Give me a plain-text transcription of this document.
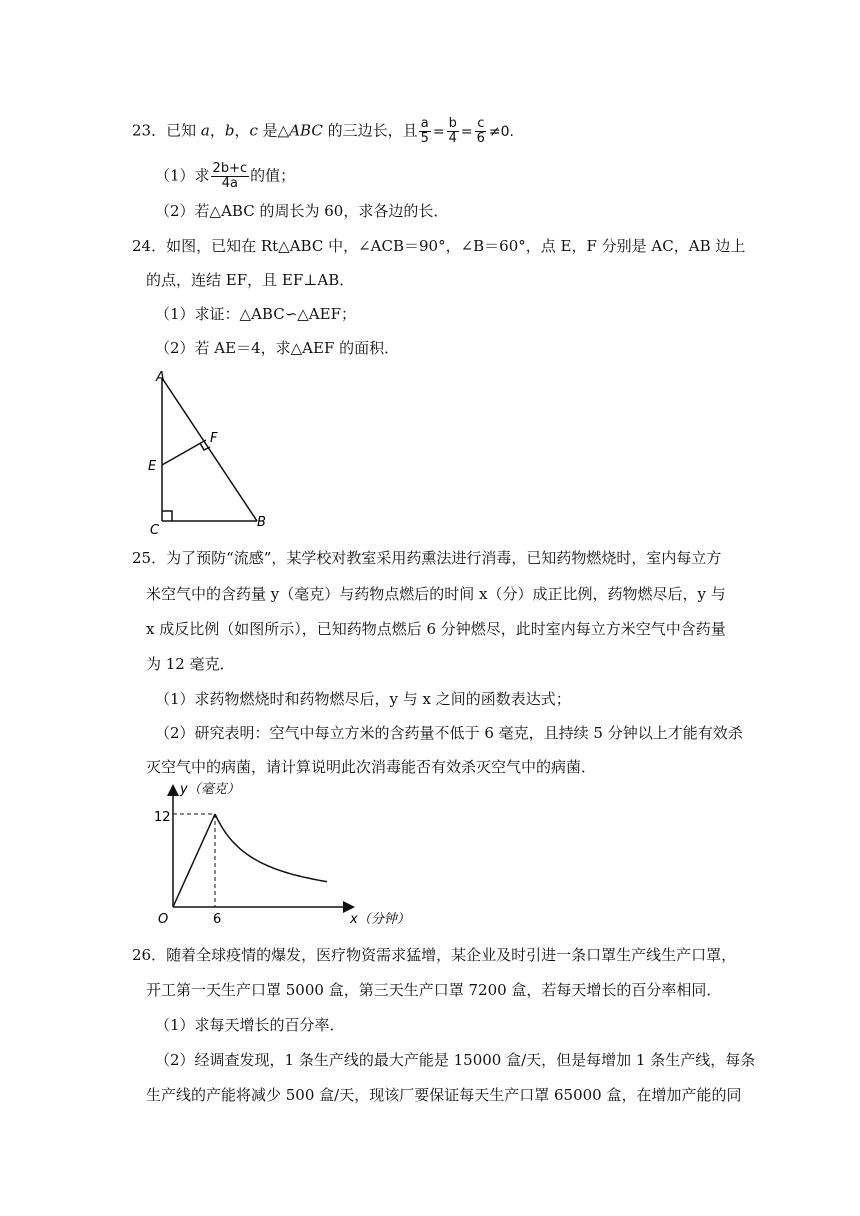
23．已知 a，b，c 是△ABC 的三边长，且 $\frac{a}{5} = \frac{b}{4} = \frac{c}{6} \ne 0$.
（1）求 $\frac{2b+c}{4a}$ 的值；
（2）若△ABC 的周长为 60，求各边的长．
24．如图，已知在 Rt△ABC 中，∠ACB＝90°，∠B＝60°，点 E，F 分别是 AC，AB 边上
的点，连结 EF，且 EF⊥AB．
（1）求证：△ABC∽△AEF；
（2）若 AE＝4，求△AEF 的面积．
A
F
E
C
B
25．为了预防“流感”，某学校对教室采用药熏法进行消毒，已知药物燃烧时，室内每立方
米空气中的含药量 y（毫克）与药物点燃后的时间 x（分）成正比例，药物燃尽后，y 与
x 成反比例（如图所示），已知药物点燃后 6 分钟燃尽，此时室内每立方米空气中含药量
为 12 毫克．
（1）求药物燃烧时和药物燃尽后，y 与 x 之间的函数表达式；
（2）研究表明：空气中每立方米的含药量不低于 6 毫克，且持续 5 分钟以上才能有效杀
灭空气中的病菌，请计算说明此次消毒能否有效杀灭空气中的病菌．
y（毫克）
x（分钟）
O	6
12
26．随着全球疫情的爆发，医疗物资需求猛增，某企业及时引进一条口罩生产线生产口罩，
开工第一天生产口罩 5000 盒，第三天生产口罩 7200 盒，若每天增长的百分率相同．
（1）求每天增长的百分率．
（2）经调查发现，1 条生产线的最大产能是 15000 盒/天，但是每增加 1 条生产线，每条
生产线的产能将减少 500 盒/天，现该厂要保证每天生产口罩 65000 盒，在增加产能的同
